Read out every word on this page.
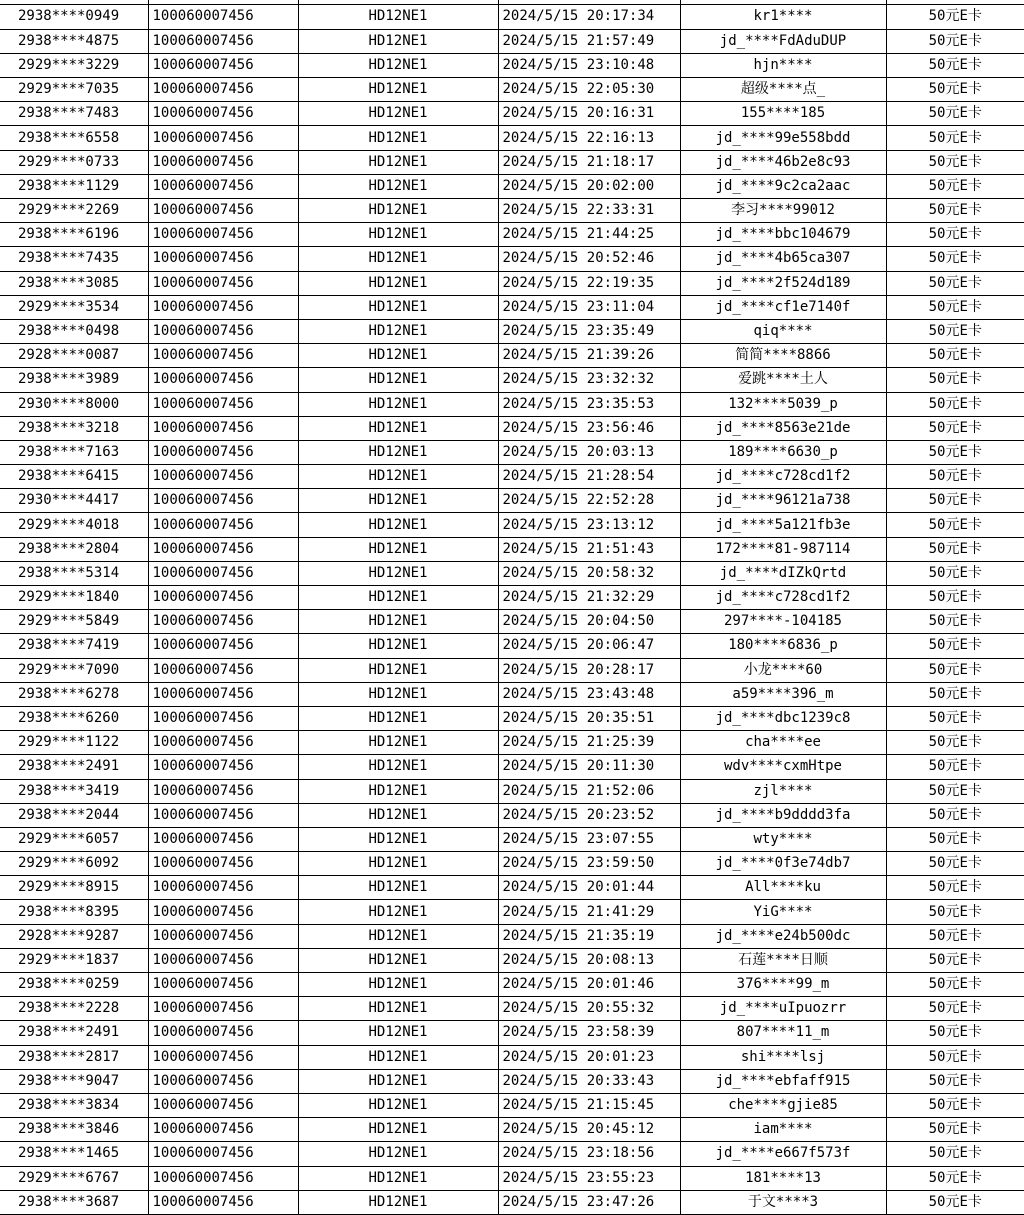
2938****0949	100060007456	HD12NE1	2024/5/15 20:17:34	kr1****	50元E卡
2938****4875	100060007456	HD12NE1	2024/5/15 21:57:49	jd_****FdAduDUP	50元E卡
2929****3229	100060007456	HD12NE1	2024/5/15 23:10:48	hjn****	50元E卡
2929****7035	100060007456	HD12NE1	2024/5/15 22:05:30	超级****点_	50元E卡
2938****7483	100060007456	HD12NE1	2024/5/15 20:16:31	155****185	50元E卡
2938****6558	100060007456	HD12NE1	2024/5/15 22:16:13	jd_****99e558bdd	50元E卡
2929****0733	100060007456	HD12NE1	2024/5/15 21:18:17	jd_****46b2e8c93	50元E卡
2938****1129	100060007456	HD12NE1	2024/5/15 20:02:00	jd_****9c2ca2aac	50元E卡
2929****2269	100060007456	HD12NE1	2024/5/15 22:33:31	李习****99012	50元E卡
2938****6196	100060007456	HD12NE1	2024/5/15 21:44:25	jd_****bbc104679	50元E卡
2938****7435	100060007456	HD12NE1	2024/5/15 20:52:46	jd_****4b65ca307	50元E卡
2938****3085	100060007456	HD12NE1	2024/5/15 22:19:35	jd_****2f524d189	50元E卡
2929****3534	100060007456	HD12NE1	2024/5/15 23:11:04	jd_****cf1e7140f	50元E卡
2938****0498	100060007456	HD12NE1	2024/5/15 23:35:49	qiq****	50元E卡
2928****0087	100060007456	HD12NE1	2024/5/15 21:39:26	简简****8866	50元E卡
2938****3989	100060007456	HD12NE1	2024/5/15 23:32:32	爱跳****土人	50元E卡
2930****8000	100060007456	HD12NE1	2024/5/15 23:35:53	132****5039_p	50元E卡
2938****3218	100060007456	HD12NE1	2024/5/15 23:56:46	jd_****8563e21de	50元E卡
2938****7163	100060007456	HD12NE1	2024/5/15 20:03:13	189****6630_p	50元E卡
2938****6415	100060007456	HD12NE1	2024/5/15 21:28:54	jd_****c728cd1f2	50元E卡
2930****4417	100060007456	HD12NE1	2024/5/15 22:52:28	jd_****96121a738	50元E卡
2929****4018	100060007456	HD12NE1	2024/5/15 23:13:12	jd_****5a121fb3e	50元E卡
2938****2804	100060007456	HD12NE1	2024/5/15 21:51:43	172****81-987114	50元E卡
2938****5314	100060007456	HD12NE1	2024/5/15 20:58:32	jd_****dIZkQrtd	50元E卡
2929****1840	100060007456	HD12NE1	2024/5/15 21:32:29	jd_****c728cd1f2	50元E卡
2929****5849	100060007456	HD12NE1	2024/5/15 20:04:50	297****-104185	50元E卡
2938****7419	100060007456	HD12NE1	2024/5/15 20:06:47	180****6836_p	50元E卡
2929****7090	100060007456	HD12NE1	2024/5/15 20:28:17	小龙****60	50元E卡
2938****6278	100060007456	HD12NE1	2024/5/15 23:43:48	a59****396_m	50元E卡
2938****6260	100060007456	HD12NE1	2024/5/15 20:35:51	jd_****dbc1239c8	50元E卡
2929****1122	100060007456	HD12NE1	2024/5/15 21:25:39	cha****ee	50元E卡
2938****2491	100060007456	HD12NE1	2024/5/15 20:11:30	wdv****cxmHtpe	50元E卡
2938****3419	100060007456	HD12NE1	2024/5/15 21:52:06	zjl****	50元E卡
2938****2044	100060007456	HD12NE1	2024/5/15 20:23:52	jd_****b9dddd3fa	50元E卡
2929****6057	100060007456	HD12NE1	2024/5/15 23:07:55	wty****	50元E卡
2929****6092	100060007456	HD12NE1	2024/5/15 23:59:50	jd_****0f3e74db7	50元E卡
2929****8915	100060007456	HD12NE1	2024/5/15 20:01:44	All****ku	50元E卡
2938****8395	100060007456	HD12NE1	2024/5/15 21:41:29	YiG****	50元E卡
2928****9287	100060007456	HD12NE1	2024/5/15 21:35:19	jd_****e24b500dc	50元E卡
2929****1837	100060007456	HD12NE1	2024/5/15 20:08:13	石莲****日顺	50元E卡
2938****0259	100060007456	HD12NE1	2024/5/15 20:01:46	376****99_m	50元E卡
2938****2228	100060007456	HD12NE1	2024/5/15 20:55:32	jd_****uIpuozrr	50元E卡
2938****2491	100060007456	HD12NE1	2024/5/15 23:58:39	807****11_m	50元E卡
2938****2817	100060007456	HD12NE1	2024/5/15 20:01:23	shi****lsj	50元E卡
2938****9047	100060007456	HD12NE1	2024/5/15 20:33:43	jd_****ebfaff915	50元E卡
2938****3834	100060007456	HD12NE1	2024/5/15 21:15:45	che****gjie85	50元E卡
2938****3846	100060007456	HD12NE1	2024/5/15 20:45:12	iam****	50元E卡
2938****1465	100060007456	HD12NE1	2024/5/15 23:18:56	jd_****e667f573f	50元E卡
2929****6767	100060007456	HD12NE1	2024/5/15 23:55:23	181****13	50元E卡
2938****3687	100060007456	HD12NE1	2024/5/15 23:47:26	于文****3	50元E卡
